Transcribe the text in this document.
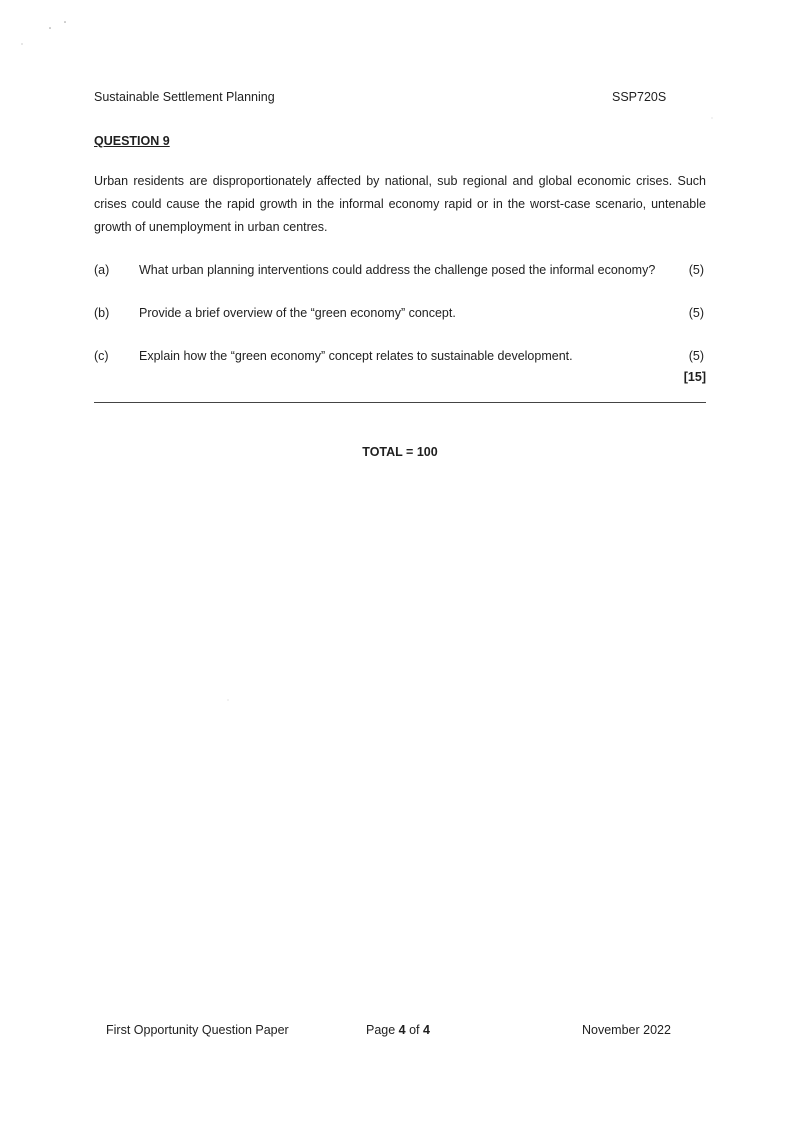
Sustainable Settlement Planning	SSP720S
QUESTION 9

Urban residents are disproportionately affected by national, sub regional and global economic crises. Such crises could cause the rapid growth in the informal economy rapid or in the worst-case scenario, untenable growth of unemployment in urban centres.

(a) What urban planning interventions could address the challenge posed the informal economy?	(5)
(b) Provide a brief overview of the “green economy” concept.	(5)
(c) Explain how the “green economy” concept relates to sustainable development.	(5)
[15]
TOTAL = 100
First Opportunity Question Paper	Page 4 of 4	November 2022
